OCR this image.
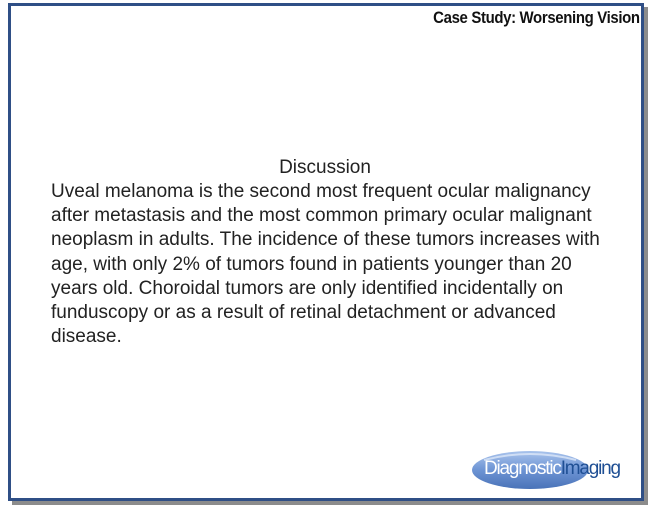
Case Study: Worsening Vision
Discussion

Uveal melanoma is the second most frequent ocular malignancy after metastasis and the most common primary ocular malignant neoplasm in adults. The incidence of these tumors increases with age, with only 2% of tumors found in patients younger than 20 years old. Choroidal tumors are only identified incidentally on funduscopy or as a result of retinal detachment or advanced disease.

DiagnosticImaging
